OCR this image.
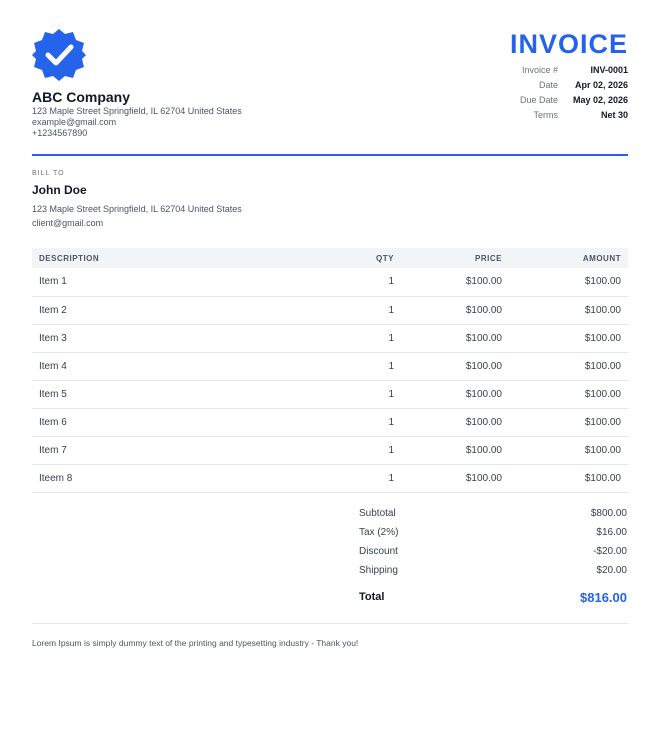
ABC Company
123 Maple Street Springfield, IL 62704 United States
example@gmail.com
+1234567890
INVOICE
Invoice #	INV-0001
Date	Apr 02, 2026
Due Date	May 02, 2026
Terms	Net 30
BILL TO
John Doe
123 Maple Street Springfield, IL 62704 United States
client@gmail.com
DESCRIPTION	QTY	PRICE	AMOUNT
Item 1	1	$100.00	$100.00
Item 2	1	$100.00	$100.00
Item 3	1	$100.00	$100.00
Item 4	1	$100.00	$100.00
Item 5	1	$100.00	$100.00
Item 6	1	$100.00	$100.00
Item 7	1	$100.00	$100.00
Iteem 8	1	$100.00	$100.00
Subtotal	$800.00
Tax (2%)	$16.00
Discount	-$20.00
Shipping	$20.00
Total	$816.00
Lorem Ipsum is simply dummy text of the printing and typesetting industry - Thank you!
